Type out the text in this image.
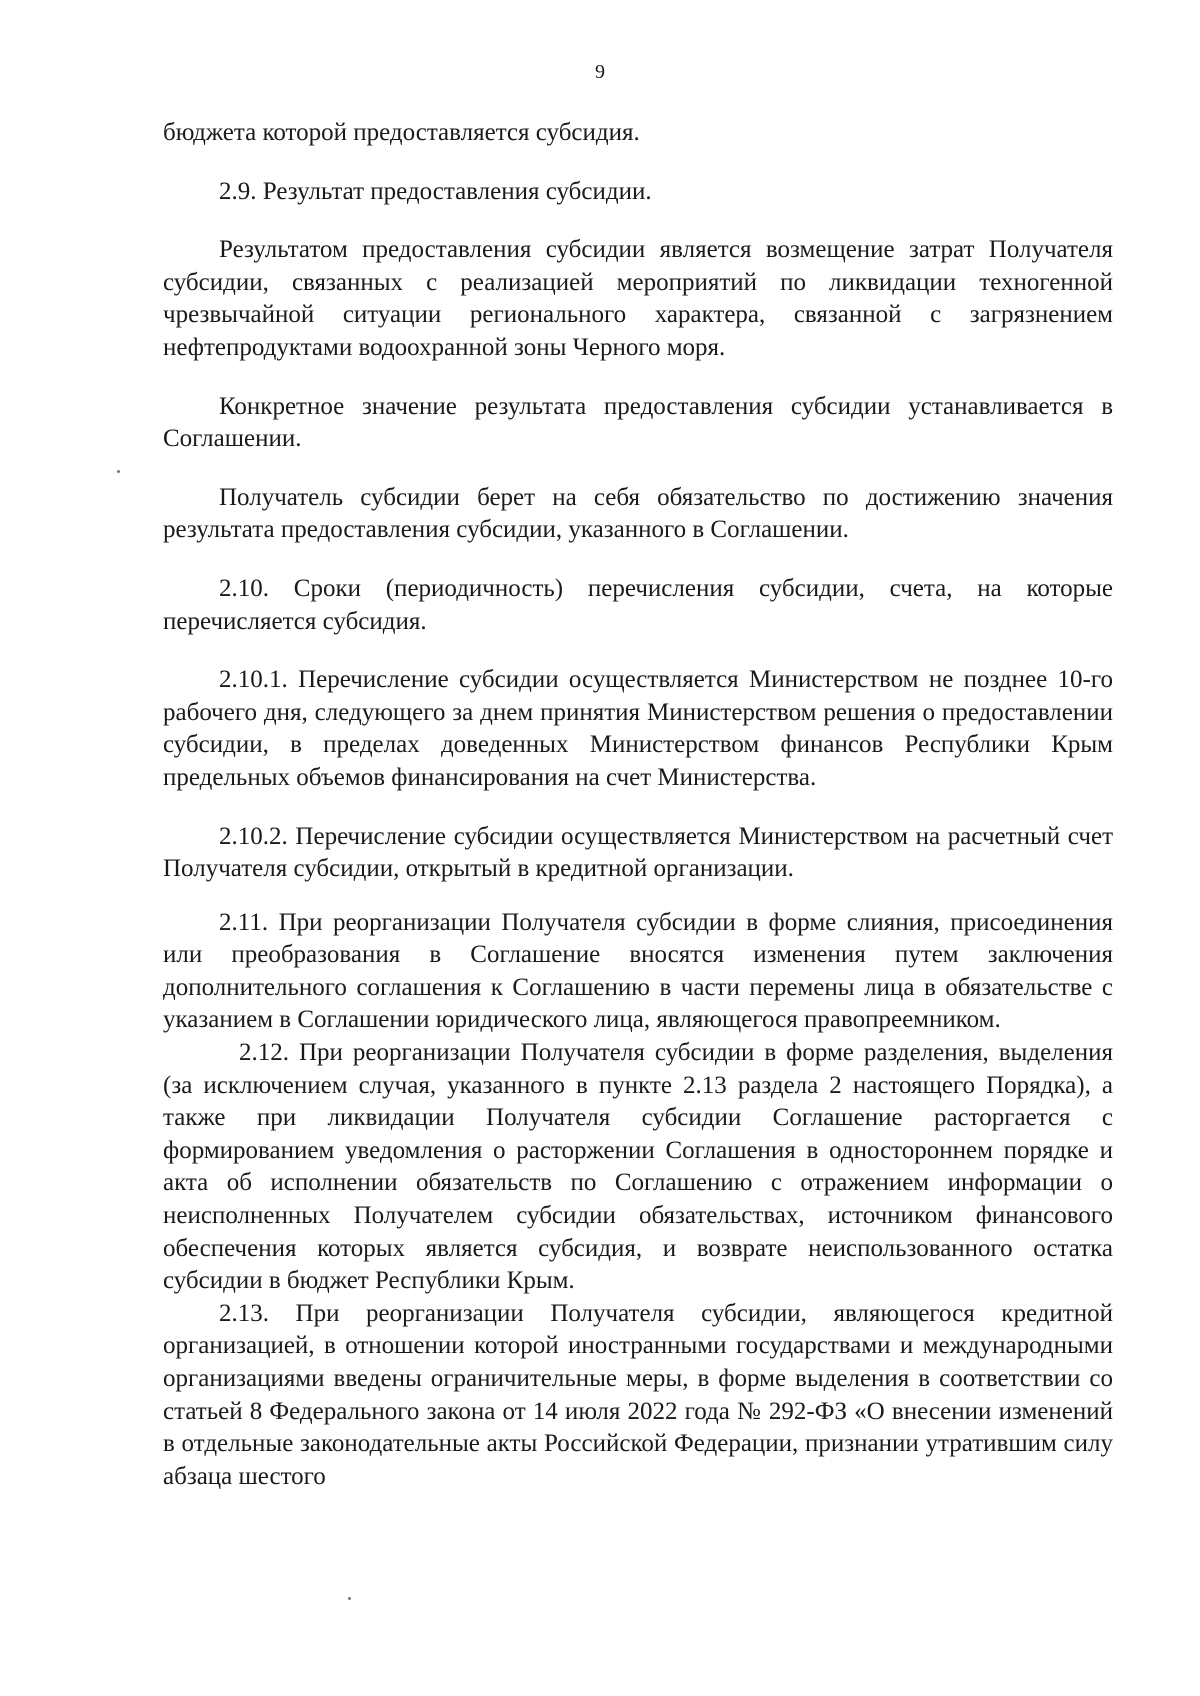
9

бюджета которой предоставляется субсидия.

2.9. Результат предоставления субсидии.

Результатом предоставления субсидии является возмещение затрат Получателя субсидии, связанных с реализацией мероприятий по ликвидации техногенной чрезвычайной ситуации регионального характера, связанной с загрязнением нефтепродуктами водоохранной зоны Черного моря.

Конкретное значение результата предоставления субсидии устанавливается в Соглашении.

Получатель субсидии берет на себя обязательство по достижению значения результата предоставления субсидии, указанного в Соглашении.

2.10. Сроки (периодичность) перечисления субсидии, счета, на которые перечисляется субсидия.

2.10.1. Перечисление субсидии осуществляется Министерством не позднее 10-го рабочего дня, следующего за днем принятия Министерством решения о предоставлении субсидии, в пределах доведенных Министерством финансов Республики Крым предельных объемов финансирования на счет Министерства.

2.10.2. Перечисление субсидии осуществляется Министерством на расчетный счет Получателя субсидии, открытый в кредитной организации.

2.11. При реорганизации Получателя субсидии в форме слияния, присоединения или преобразования в Соглашение вносятся изменения путем заключения дополнительного соглашения к Соглашению в части перемены лица в обязательстве с указанием в Соглашении юридического лица, являющегося правопреемником.

2.12. При реорганизации Получателя субсидии в форме разделения, выделения (за исключением случая, указанного в пункте 2.13 раздела 2 настоящего Порядка), а также при ликвидации Получателя субсидии Соглашение расторгается с формированием уведомления о расторжении Соглашения в одностороннем порядке и акта об исполнении обязательств по Соглашению с отражением информации о неисполненных Получателем субсидии обязательствах, источником финансового обеспечения которых является субсидия, и возврате неиспользованного остатка субсидии в бюджет Республики Крым.

2.13. При реорганизации Получателя субсидии, являющегося кредитной организацией, в отношении которой иностранными государствами и международными организациями введены ограничительные меры, в форме выделения в соответствии со статьей 8 Федерального закона от 14 июля 2022 года № 292-ФЗ «О внесении изменений в отдельные законодательные акты Российской Федерации, признании утратившим силу абзаца шестого
